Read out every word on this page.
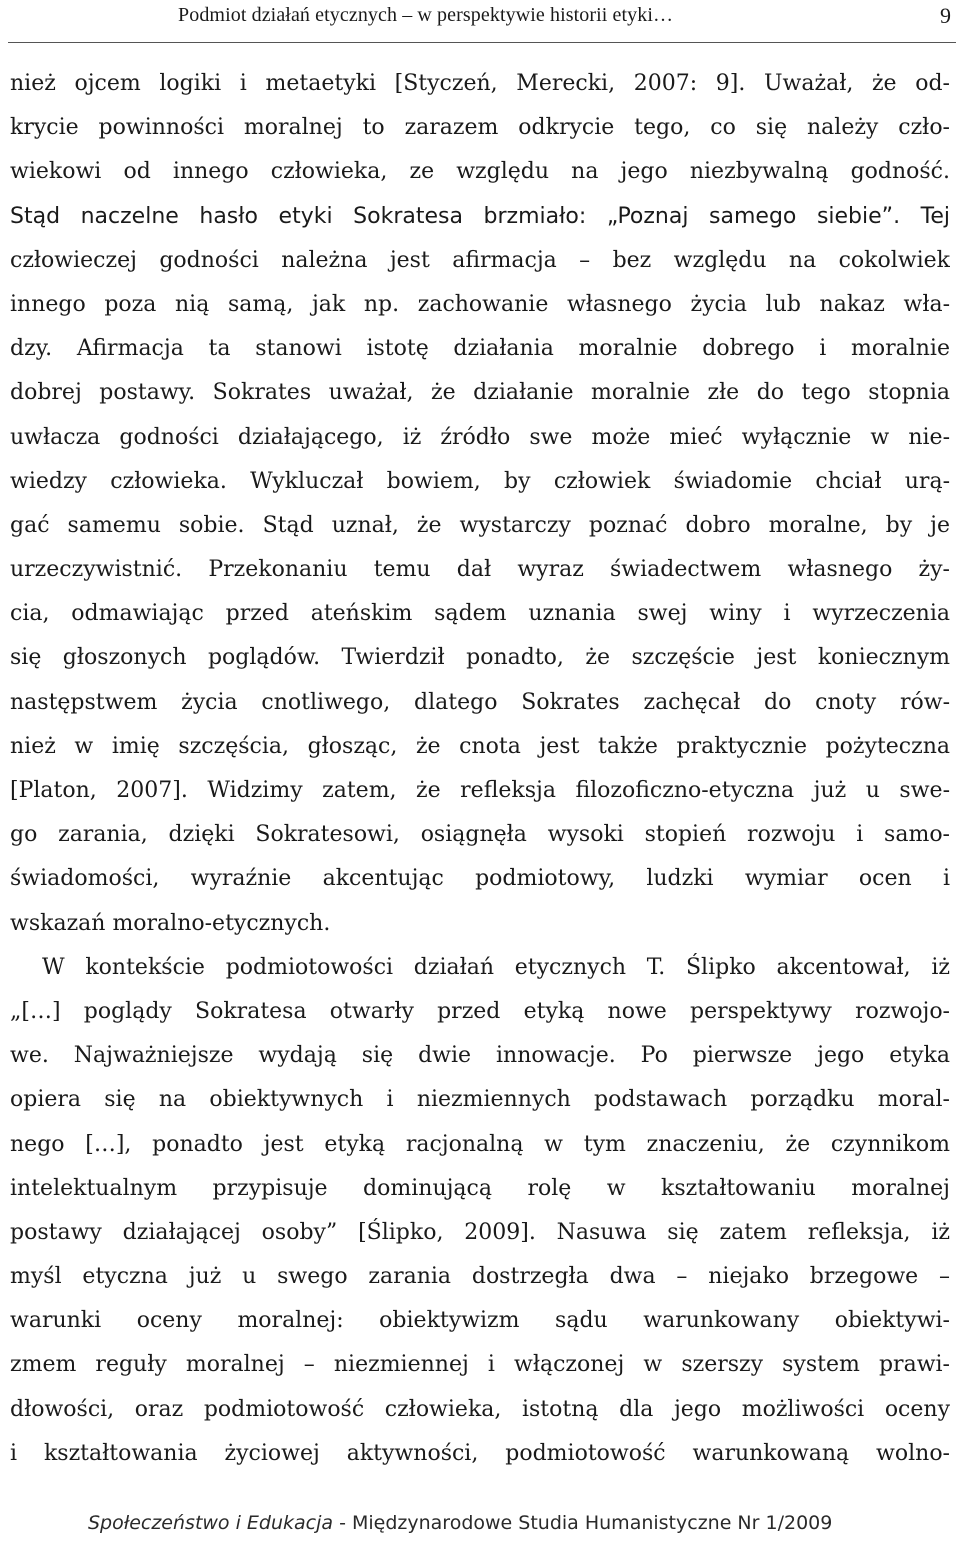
Podmiot działań etycznych – w perspektywie historii etyki…	9
nież ojcem logiki i metaetyki [Styczeń, Merecki, 2007: 9]. Uważał, że od-
krycie powinności moralnej to zarazem odkrycie tego, co się należy czło-
wiekowi od innego człowieka, ze względu na jego niezbywalną godność.
Stąd naczelne hasło etyki Sokratesa brzmiało: „Poznaj samego siebie”. Tej
człowieczej godności należna jest afirmacja – bez względu na cokolwiek
innego poza nią samą, jak np. zachowanie własnego życia lub nakaz wła-
dzy. Afirmacja ta stanowi istotę działania moralnie dobrego i moralnie
dobrej postawy. Sokrates uważał, że działanie moralnie złe do tego stopnia
uwłacza godności działającego, iż źródło swe może mieć wyłącznie w nie-
wiedzy człowieka. Wykluczał bowiem, by człowiek świadomie chciał urą-
gać samemu sobie. Stąd uznał, że wystarczy poznać dobro moralne, by je
urzeczywistnić. Przekonaniu temu dał wyraz świadectwem własnego ży-
cia, odmawiając przed ateńskim sądem uznania swej winy i wyrzeczenia
się głoszonych poglądów. Twierdził ponadto, że szczęście jest koniecznym
następstwem życia cnotliwego, dlatego Sokrates zachęcał do cnoty rów-
nież w imię szczęścia, głosząc, że cnota jest także praktycznie pożyteczna
[Platon, 2007]. Widzimy zatem, że refleksja filozoficzno-etyczna już u swe-
go zarania, dzięki Sokratesowi, osiągnęła wysoki stopień rozwoju i samo-
świadomości, wyraźnie akcentując podmiotowy, ludzki wymiar ocen i
wskazań moralno-etycznych.
W kontekście podmiotowości działań etycznych T. Ślipko akcentował, iż
„[…] poglądy Sokratesa otwarły przed etyką nowe perspektywy rozwojo-
we. Najważniejsze wydają się dwie innowacje. Po pierwsze jego etyka
opiera się na obiektywnych i niezmiennych podstawach porządku moral-
nego […], ponadto jest etyką racjonalną w tym znaczeniu, że czynnikom
intelektualnym przypisuje dominującą rolę w kształtowaniu moralnej
postawy działającej osoby” [Ślipko, 2009]. Nasuwa się zatem refleksja, iż
myśl etyczna już u swego zarania dostrzegła dwa – niejako brzegowe –
warunki oceny moralnej: obiektywizm sądu warunkowany obiektywi-
zmem reguły moralnej – niezmiennej i włączonej w szerszy system prawi-
dłowości, oraz podmiotowość człowieka, istotną dla jego możliwości oceny
i kształtowania życiowej aktywności, podmiotowość warunkowaną wolno-
Społeczeństwo i Edukacja - Międzynarodowe Studia Humanistyczne Nr 1/2009
